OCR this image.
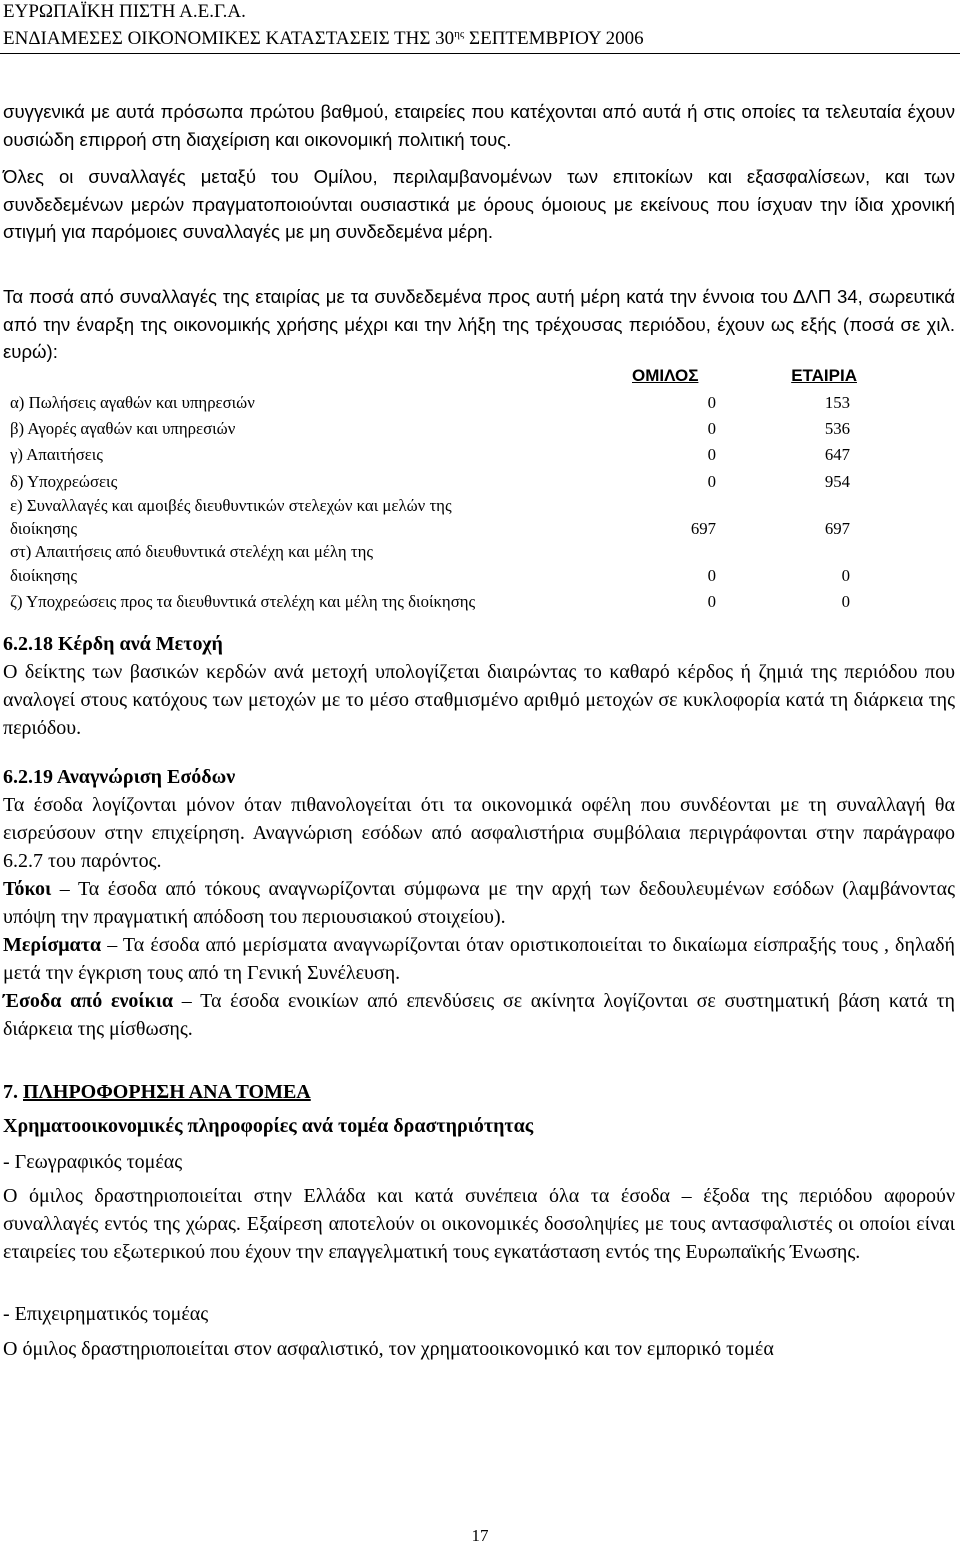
ΕΥΡΩΠΑΪΚΗ ΠΙΣΤΗ Α.Ε.Γ.Α.
ΕΝΔΙΑΜΕΣΕΣ ΟΙΚΟΝΟΜΙΚΕΣ ΚΑΤΑΣΤΑΣΕΙΣ ΤΗΣ $30^{\eta\varsigma}$ ΣΕΠΤΕΜΒΡΙΟΥ 2006
συγγενικά με αυτά πρόσωπα πρώτου βαθμού, εταιρείες που κατέχονται από αυτά ή στις οποίες τα τελευταία έχουν ουσιώδη επιρροή στη διαχείριση και οικονομική πολιτική τους.
Όλες οι συναλλαγές μεταξύ του Ομίλου, περιλαμβανομένων των επιτοκίων και εξασφαλίσεων, και των συνδεδεμένων μερών πραγματοποιούνται ουσιαστικά με όρους όμοιους με εκείνους που ίσχυαν την ίδια χρονική στιγμή για παρόμοιες συναλλαγές με μη συνδεδεμένα μέρη.
Τα ποσά από συναλλαγές της εταιρίας με τα συνδεδεμένα προς αυτή μέρη κατά την έννοια του ΔΛΠ 34, σωρευτικά από την έναρξη της οικονομικής χρήσης μέχρι και την λήξη της τρέχουσας περιόδου, έχουν ως εξής (ποσά σε χιλ. ευρώ):
ΟΜΙΛΟΣ	ΕΤΑΙΡΙΑ
α) Πωλήσεις αγαθών και υπηρεσιών	0	153
β) Αγορές αγαθών και υπηρεσιών	0	536
γ) Απαιτήσεις	0	647
δ) Υποχρεώσεις	0	954
ε) Συναλλαγές και αμοιβές διευθυντικών στελεχών και μελών της
διοίκησης	697	697
στ) Απαιτήσεις από διευθυντικά στελέχη και μέλη της
διοίκησης	0	0
ζ) Υποχρεώσεις προς τα διευθυντικά στελέχη και μέλη της διοίκησης	0	0
6.2.18 Κέρδη ανά Μετοχή
Ο δείκτης των βασικών κερδών ανά μετοχή υπολογίζεται διαιρώντας το καθαρό κέρδος ή ζημιά της περιόδου που αναλογεί στους κατόχους των μετοχών με το μέσο σταθμισμένο αριθμό μετοχών σε κυκλοφορία κατά τη διάρκεια της περιόδου.
6.2.19 Αναγνώριση Εσόδων
Τα έσοδα λογίζονται μόνον όταν πιθανολογείται ότι τα οικονομικά οφέλη που συνδέονται με τη συναλλαγή θα εισρεύσουν στην επιχείρηση. Αναγνώριση εσόδων από ασφαλιστήρια συμβόλαια περιγράφονται στην παράγραφο 6.2.7 του παρόντος.
Τόκοι – Τα έσοδα από τόκους αναγνωρίζονται σύμφωνα με την αρχή των δεδουλευμένων εσόδων (λαμβάνοντας υπόψη την πραγματική απόδοση του περιουσιακού στοιχείου).
Μερίσματα – Τα έσοδα από μερίσματα αναγνωρίζονται όταν οριστικοποιείται το δικαίωμα είσπραξής τους , δηλαδή μετά την έγκριση τους από τη Γενική Συνέλευση.
Έσοδα από ενοίκια – Τα έσοδα ενοικίων από επενδύσεις σε ακίνητα λογίζονται σε συστηματική βάση κατά τη διάρκεια της μίσθωσης.
7. ΠΛΗΡΟΦΟΡΗΣΗ ΑΝΑ ΤΟΜΕΑ
Χρηματοοικονομικές πληροφορίες ανά τομέα δραστηριότητας
- Γεωγραφικός τομέας
Ο όμιλος δραστηριοποιείται στην Ελλάδα και κατά συνέπεια όλα τα έσοδα – έξοδα της περιόδου αφορούν συναλλαγές εντός της χώρας. Εξαίρεση αποτελούν οι οικονομικές δοσοληψίες με τους αντασφαλιστές οι οποίοι είναι εταιρείες του εξωτερικού που έχουν την επαγγελματική τους εγκατάσταση εντός της Ευρωπαϊκής Ένωσης.
- Επιχειρηματικός τομέας
Ο όμιλος δραστηριοποιείται στον ασφαλιστικό, τον χρηματοοικονομικό και τον εμπορικό τομέα
17
